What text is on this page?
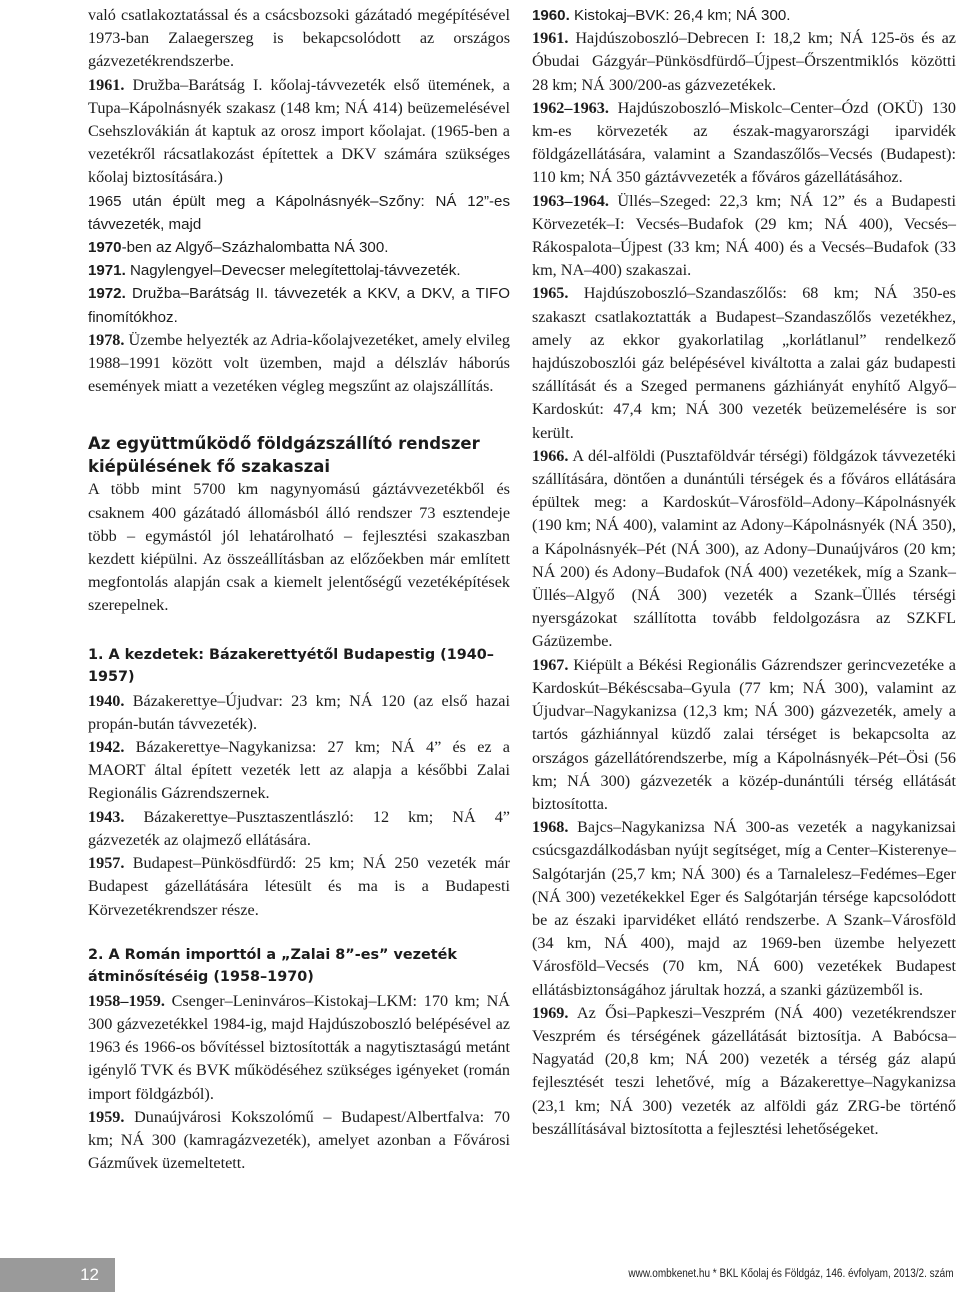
való csatlakoztatással és a csácsbozsoki gázátadó megépítésével 1973-ban Zalaegerszeg is bekapcsolódott az országos gázvezetékrendszerbe.

1961. Družba–Barátság I. kőolaj-távvezeték első ütemének, a Tupa–Kápolnásnyék szakasz (148 km; NÁ 414) beüzemelésével Csehszlovákián át kaptuk az orosz import kőolajat. (1965-ben a vezetékről rácsatlakozást építettek a DKV számára szükséges kőolaj biztosítására.)

1965 után épült meg a Kápolnásnyék–Szőny: NÁ 12”-es távvezeték, majd

1970-ben az Algyő–Százhalombatta NÁ 300.

1971. Nagylengyel–Devecser melegítettolaj-távvezeték.

1972. Družba–Barátság II. távvezeték a KKV, a DKV, a TIFO finomítókhoz.

1978. Üzembe helyezték az Adria-kőolajvezetéket, amely elvileg 1988–1991 között volt üzemben, majd a délszláv háborús események miatt a vezetéken végleg megszűnt az olajszállítás.

Az együttműködő földgázszállító rendszer kiépülésének fő szakaszai

A több mint 5700 km nagynyomású gáztávvezetékből és csaknem 400 gázátadó állomásból álló rendszer 73 esztendeje több – egymástól jól lehatárolható – fejlesztési szakaszban kezdett kiépülni. Az összeállításban az előzőekben már említett megfontolás alapján csak a kiemelt jelentőségű vezetéképítések szerepelnek.

1. A kezdetek: Bázakerettyétől Budapestig (1940–1957)

1940. Bázakerettye–Újudvar: 23 km; NÁ 120 (az első hazai propán-bután távvezeték).

1942. Bázakerettye–Nagykanizsa: 27 km; NÁ 4” és ez a MAORT által épített vezeték lett az alapja a későbbi Zalai Regionális Gázrendszernek.

1943. Bázakerettye–Pusztaszentlászló: 12 km; NÁ 4” gázvezeték az olajmező ellátására.

1957. Budapest–Pünkösdfürdő: 25 km; NÁ 250 vezeték már Budapest gázellátására létesült és ma is a Budapesti Körvezetékrendszer része.

2. A Román importtól a „Zalai 8”-es” vezeték átminősítéséig (1958–1970)

1958–1959. Csenger–Leninváros–Kistokaj–LKM: 170 km; NÁ 300 gázvezetékkel 1984-ig, majd Hajdúszoboszló belépésével az 1963 és 1966-os bővítéssel biztosították a nagytisztaságú metánt igénylő TVK és BVK működéséhez szükséges igényeket (román import földgázból).

1959. Dunaújvárosi Kokszolómű – Budapest/Albertfalva: 70 km; NÁ 300 (kamragázvezeték), amelyet azonban a Fővárosi Gázművek üzemeltetett.

1960. Kistokaj–BVK: 26,4 km; NÁ 300.

1961. Hajdúszoboszló–Debrecen I: 18,2 km; NÁ 125-ös és az Óbudai Gázgyár–Pünkösdfürdő–Újpest–Őrszentmiklós közötti 28 km; NÁ 300/200-as gázvezetékek.

1962–1963. Hajdúszoboszló–Miskolc–Center–Ózd (OKÜ) 130 km-es körvezeték az észak-magyarországi iparvidék földgázellátására, valamint a Szandaszőlős–Vecsés (Budapest): 110 km; NÁ 350 gáztávvezeték a főváros gázellátásához.

1963–1964. Üllés–Szeged: 22,3 km; NÁ 12” és a Budapesti Körvezeték–I: Vecsés–Budafok (29 km; NÁ 400), Vecsés–Rákospalota–Újpest (33 km; NÁ 400) és a Vecsés–Budafok (33 km, NA–400) szakaszai.

1965. Hajdúszoboszló–Szandaszőlős: 68 km; NÁ 350-es szakaszt csatlakoztatták a Budapest–Szandaszőlős vezetékhez, amely az ekkor gyakorlatilag „korlátlanul” rendelkező hajdúszoboszlói gáz belépésével kiváltotta a zalai gáz budapesti szállítását és a Szeged permanens gázhiányát enyhítő Algyő–Kardoskút: 47,4 km; NÁ 300 vezeték beüzemelésére is sor került.

1966. A dél-alföldi (Pusztaföldvár térségi) földgázok távvezetéki szállítására, döntően a dunántúli térségek és a főváros ellátására épültek meg: a Kardoskút–Városföld–Adony–Kápolnásnyék (190 km; NÁ 400), valamint az Adony–Kápolnásnyék (NÁ 350), a Kápolnásnyék–Pét (NÁ 300), az Adony–Dunaújváros (20 km; NÁ 200) és Adony–Budafok (NÁ 400) vezetékek, míg a Szank–Üllés–Algyő (NÁ 300) vezeték a Szank–Üllés térségi nyersgázokat szállította tovább feldolgozásra az SZKFL Gázüzembe.

1967. Kiépült a Békési Regionális Gázrendszer gerincvezetéke a Kardoskút–Békéscsaba–Gyula (77 km; NÁ 300), valamint az Újudvar–Nagykanizsa (12,3 km; NÁ 300) gázvezeték, amely a tartós gázhiánnyal küzdő zalai térséget is bekapcsolta az országos gázellátórendszerbe, míg a Kápolnásnyék–Pét–Ösi (56 km; NÁ 300) gázvezeték a közép-dunántúli térség ellátását biztosította.

1968. Bajcs–Nagykanizsa NÁ 300-as vezeték a nagykanizsai csúcsgazdálkodásban nyújt segítséget, míg a Center–Kisterenye–Salgótarján (25,7 km; NÁ 300) és a Tarnalelesz–Fedémes–Eger (NÁ 300) vezetékekkel Eger és Salgótarján térsége kapcsolódott be az északi iparvidéket ellátó rendszerbe. A Szank–Városföld (34 km, NÁ 400), majd az 1969-ben üzembe helyezett Városföld–Vecsés (70 km, NÁ 600) vezetékek Budapest ellátásbiztonságához járultak hozzá, a szanki gázüzemből is.

1969. Az Ősi–Papkeszi–Veszprém (NÁ 400) vezetékrendszer Veszprém és térségének gázellátását biztosítja. A Babócsa–Nagyatád (20,8 km; NÁ 200) vezeték a térség gáz alapú fejlesztését teszi lehetővé, míg a Bázakerettye–Nagykanizsa (23,1 km; NÁ 300) vezeték az alföldi gáz ZRG-be történő beszállításával biztosította a fejlesztési lehetőségeket.

12	www.ombkenet.hu * BKL Kőolaj és Földgáz, 146. évfolyam, 2013/2. szám
